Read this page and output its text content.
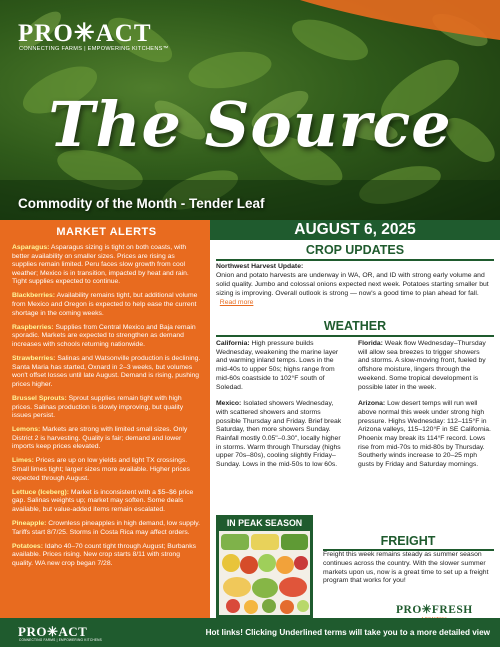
PRO✳ACT
CONNECTING FARMS | EMPOWERING KITCHENS™
The Source
Commodity of the Month - Tender Leaf
MARKET ALERTS
Asparagus: Asparagus sizing is tight on both coasts, with better availability on smaller sizes. Prices are rising as supplies remain limited. Peru faces slow growth from cool weather; Mexico is in transition, impacted by heat and rain. Tight supplies expected to continue.
Blackberries: Availability remains tight, but additional volume from Mexico and Oregon is expected to help ease the current shortage in the coming weeks.
Raspberries: Supplies from Central Mexico and Baja remain sporadic. Markets are expected to strengthen as demand increases with schools returning nationwide.
Strawberries: Salinas and Watsonville production is declining. Santa Maria has started, Oxnard in 2–3 weeks, but volumes won't offset losses until late August. Demand is rising, pushing prices higher.
Brussel Sprouts: Sprout supplies remain tight with high prices. Salinas production is slowly improving, but quality issues persist.
Lemons: Markets are strong with limited small sizes. Only District 2 is harvesting. Quality is fair; demand and lower imports keep prices elevated.
Limes: Prices are up on low yields and light TX crossings. Small limes tight; larger sizes more available. Higher prices expected through August.
Lettuce (Iceberg): Market is inconsistent with a $5–$6 price gap. Salinas weights up; market may soften. Some deals available, but value-added items remain escalated.
Pineapple: Crownless pineapples in high demand, low supply. Tariffs start 8/7/25. Storms in Costa Rica may affect orders.
Potatoes: Idaho 40–70 count tight through August; Burbanks available. Prices rising. New crop starts 8/11 with strong quality. WA new crop began 7/28.
AUGUST 6, 2025
CROP UPDATES
Northwest Harvest Update:
Onion and potato harvests are underway in WA, OR, and ID with strong early volume and solid quality. Jumbo and colossal onions expected next week. Potatoes starting smaller but sizing is improving. Overall outlook is strong — now's a good time to plan ahead for fall.   Read more
WEATHER
California: High pressure builds Wednesday, weakening the marine layer and warming inland temps. Lows in the mid-40s to upper 50s; highs range from mid-60s coastside to 102°F south of Soledad.
Mexico: Isolated showers Wednesday, with scattered showers and storms possible Thursday and Friday. Brief break Saturday, then more showers Sunday. Rainfall mostly 0.05"–0.30", locally higher in storms. Warm through Thursday (highs upper 70s–80s), cooling slightly Friday–Sunday. Lows in the mid-50s to low 60s.
Florida: Weak flow Wednesday–Thursday will allow sea breezes to trigger showers and storms. A slow-moving front, fueled by offshore moisture, lingers through the weekend. Some tropical development is possible later in the week.
Arizona: Low desert temps will run well above normal this week under strong high pressure. Highs Wednesday: 112–115°F in Arizona valleys, 115–120°F in SE California. Phoenix may break its 114°F record. Lows rise from mid-70s to mid-80s by Thursday. Southerly winds increase to 20–25 mph gusts by Friday and Saturday mornings.
IN PEAK SEASON
FREIGHT
Freight this week remains steady as summer season continues across the country. With the slower summer markets upon us, now is a great time to set up a freight program that works for you!
PRO✳FRESH
PRO✳ACT
CONNECTING FARMS | EMPOWERING KITCHENS
Hot links! Clicking Underlined terms will take you to a more detailed view
